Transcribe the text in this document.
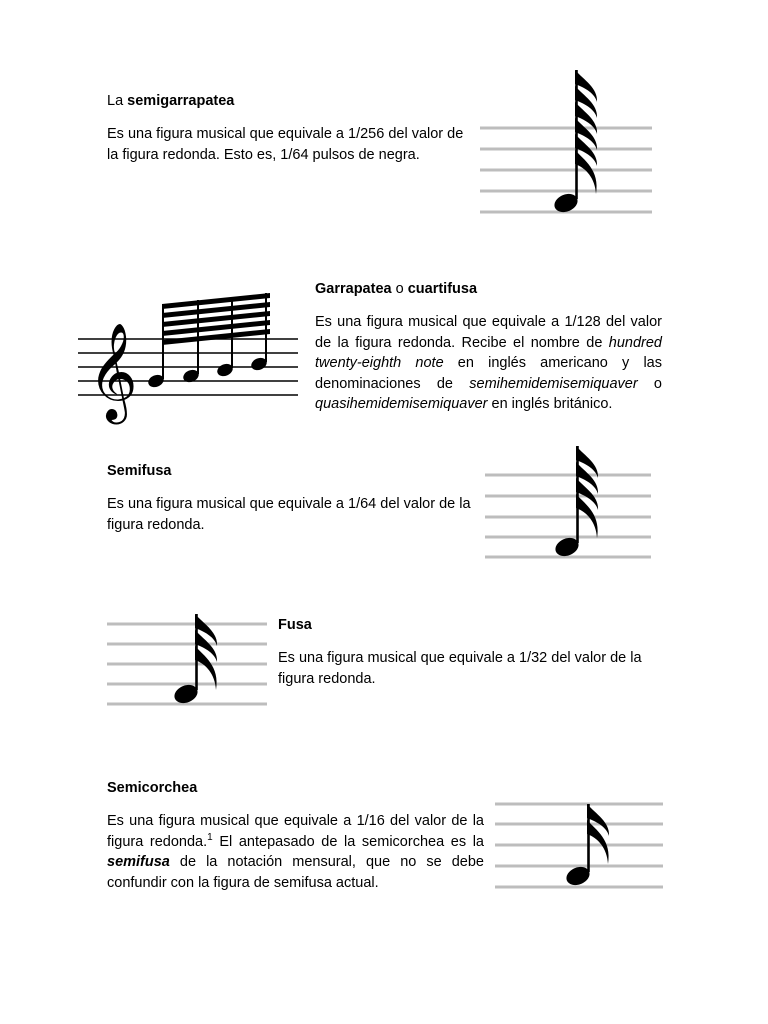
La semigarrapatea
Es una figura musical que equivale a 1/256 del valor de la figura redonda. Esto es, 1/64 pulsos de negra.
𝄞
Garrapatea o cuartifusa
Es una figura musical que equivale a 1/128 del valor de la figura redonda. Recibe el nombre de hundred twenty-eighth note en inglés americano y las denominaciones de semihemidemisemiquaver o quasihemidemisemiquaver en inglés británico.
Semifusa
Es una figura musical que equivale a 1/64 del valor de la figura redonda.
Fusa
Es una figura musical que equivale a 1/32 del valor de la figura redonda.
Semicorchea
Es una figura musical que equivale a 1/16 del valor de la figura redonda.$^1$ El antepasado de la semicorchea es la semifusa de la notación mensural, que no se debe confundir con la figura de semifusa actual.
